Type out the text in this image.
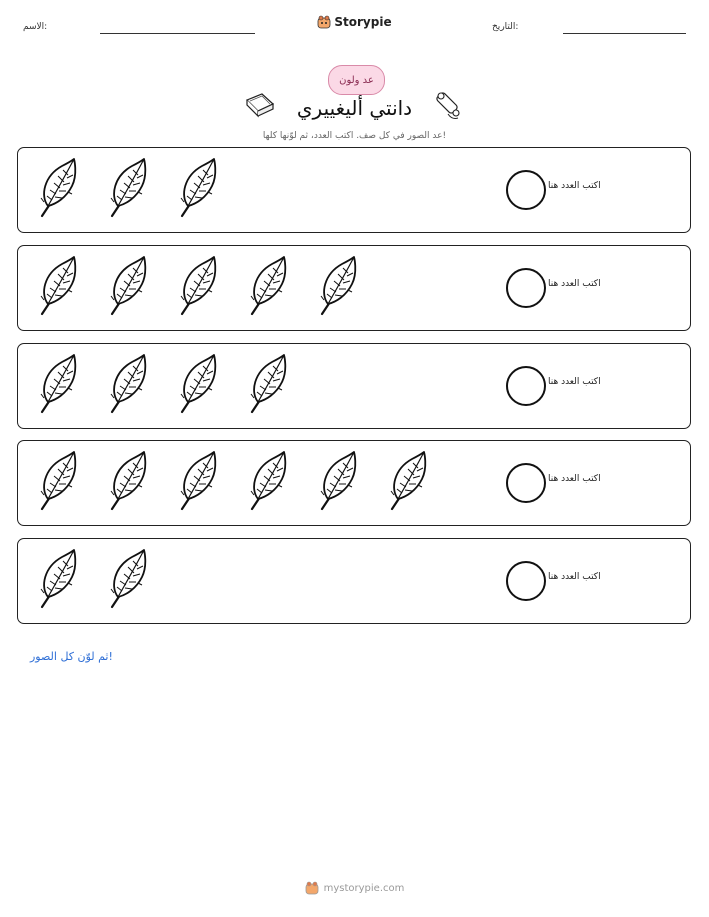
الاسم:	Storypie	التاريخ:
عد ولون
دانتي أليغييري
عد الصور في كل صف. اكتب العدد، ثم لوّنها كلها!
اكتب العدد هنا
اكتب العدد هنا
اكتب العدد هنا
اكتب العدد هنا
اكتب العدد هنا
ثم لوّن كل الصور!
mystorypie.com
